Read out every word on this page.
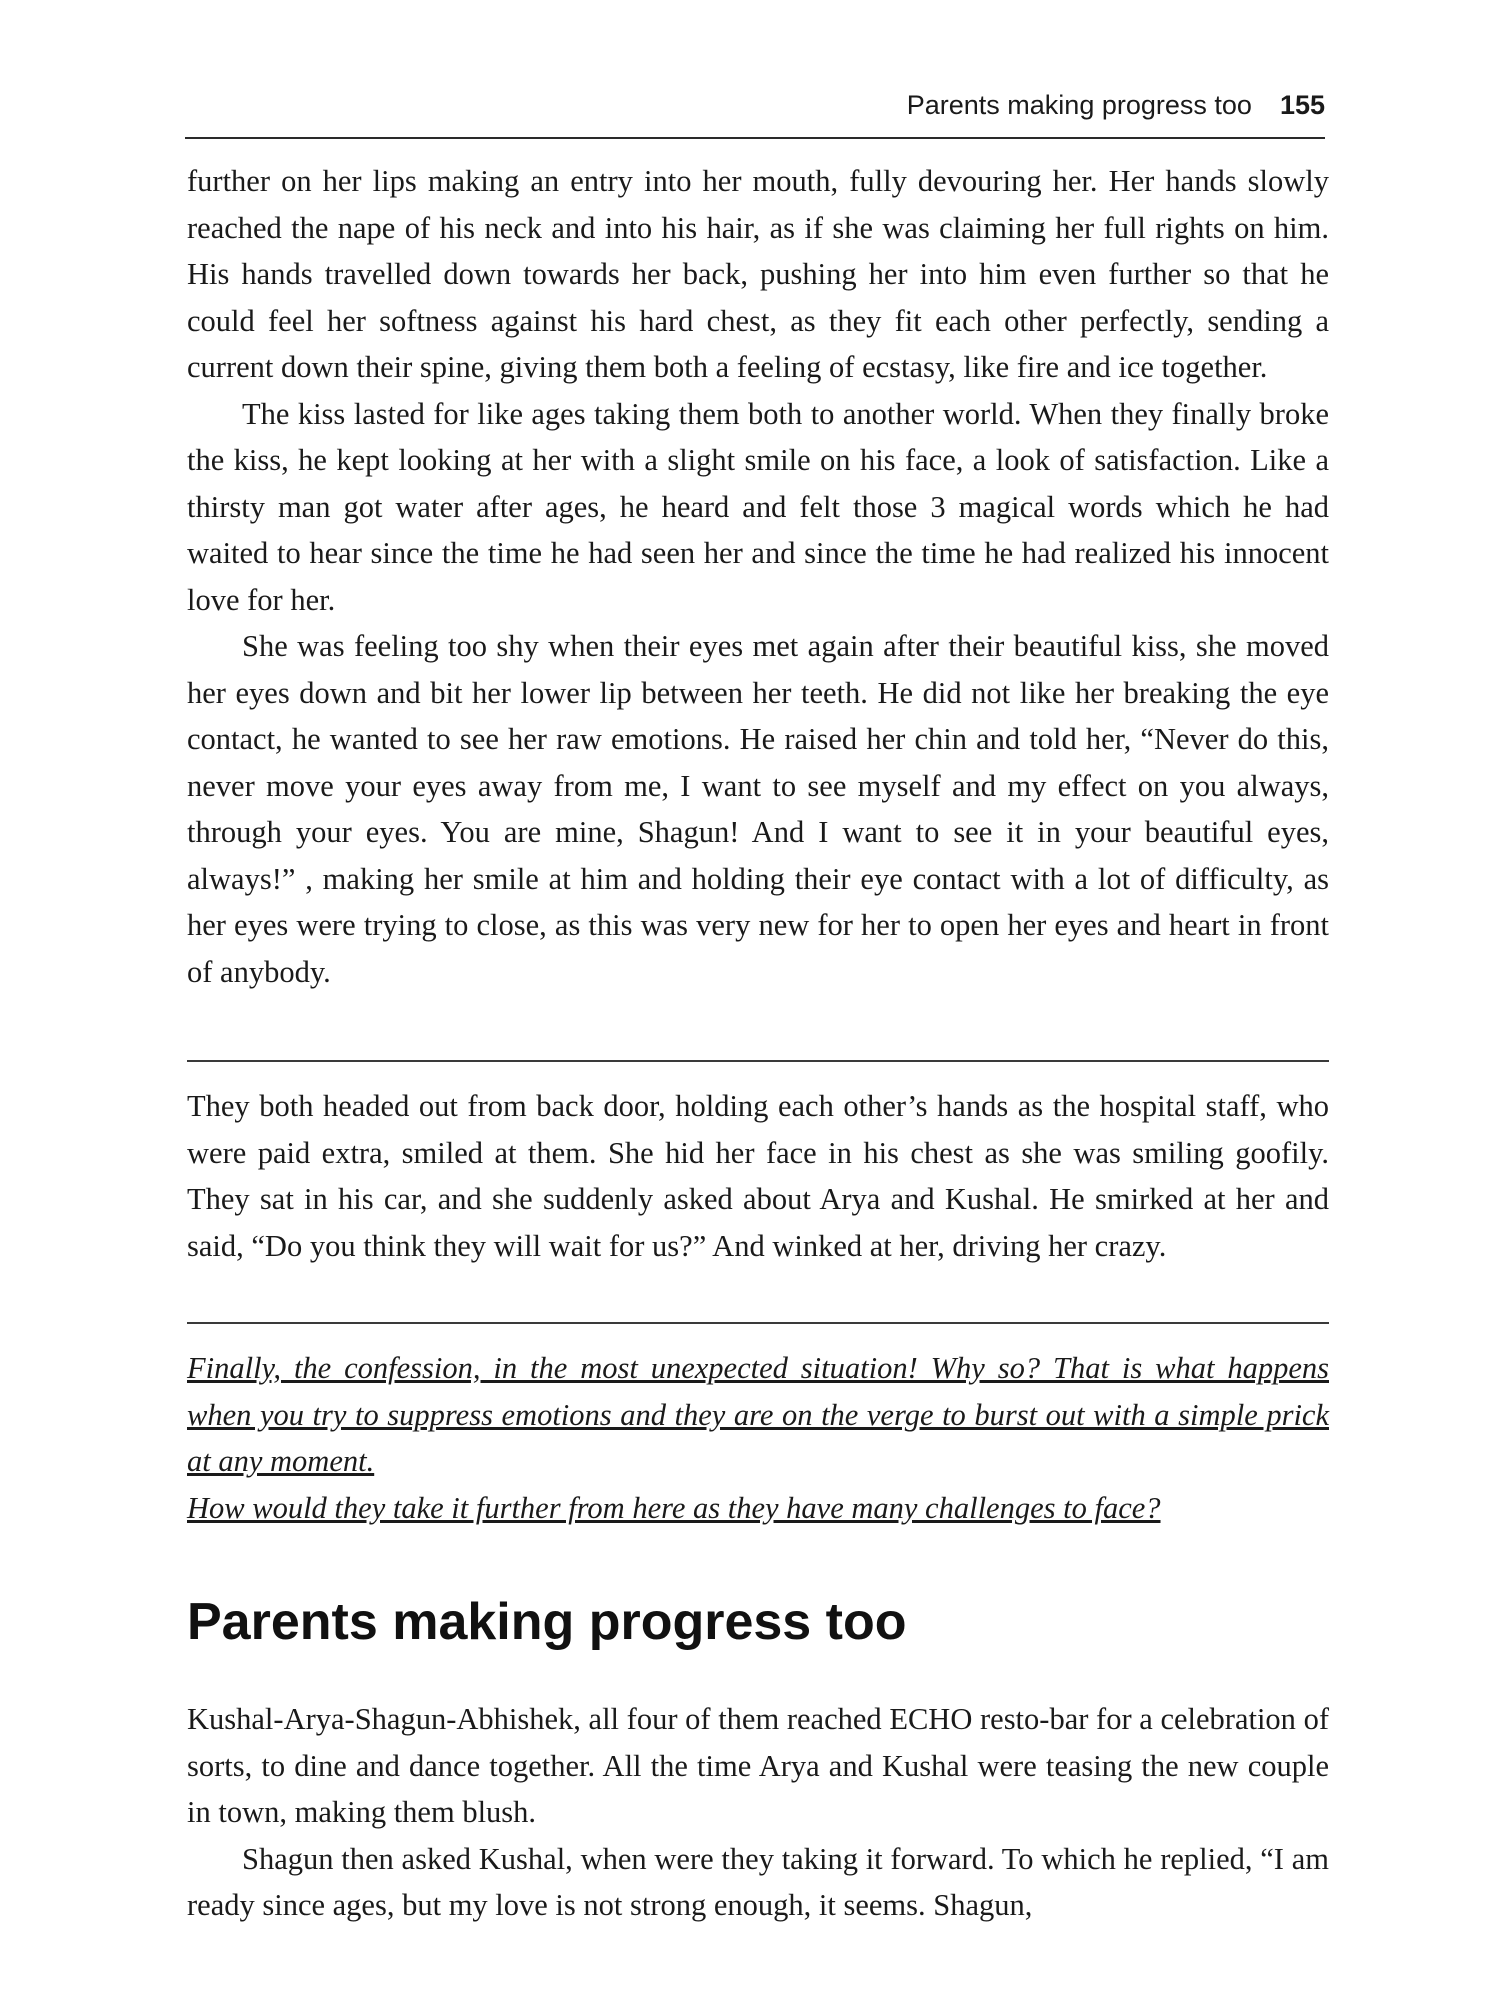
Parents making progress too 155

further on her lips making an entry into her mouth, fully devouring her. Her hands slowly reached the nape of his neck and into his hair, as if she was claiming her full rights on him. His hands travelled down towards her back, pushing her into him even further so that he could feel her softness against his hard chest, as they fit each other perfectly, sending a current down their spine, giving them both a feeling of ecstasy, like fire and ice together.

The kiss lasted for like ages taking them both to another world. When they finally broke the kiss, he kept looking at her with a slight smile on his face, a look of satisfaction. Like a thirsty man got water after ages, he heard and felt those 3 magical words which he had waited to hear since the time he had seen her and since the time he had realized his innocent love for her.

She was feeling too shy when their eyes met again after their beautiful kiss, she moved her eyes down and bit her lower lip between her teeth. He did not like her breaking the eye contact, he wanted to see her raw emotions. He raised her chin and told her, “Never do this, never move your eyes away from me, I want to see myself and my effect on you always, through your eyes. You are mine, Shagun! And I want to see it in your beautiful eyes, always!” , making her smile at him and holding their eye contact with a lot of difficulty, as her eyes were trying to close, as this was very new for her to open her eyes and heart in front of anybody.

They both headed out from back door, holding each other’s hands as the hospital staff, who were paid extra, smiled at them. She hid her face in his chest as she was smiling goofily. They sat in his car, and she suddenly asked about Arya and Kushal. He smirked at her and said, “Do you think they will wait for us?” And winked at her, driving her crazy.

Finally, the confession, in the most unexpected situation! Why so? That is what happens when you try to suppress emotions and they are on the verge to burst out with a simple prick at any moment.

How would they take it further from here as they have many challenges to face?

Parents making progress too

Kushal-Arya-Shagun-Abhishek, all four of them reached ECHO resto-bar for a celebration of sorts, to dine and dance together. All the time Arya and Kushal were teasing the new couple in town, making them blush.

Shagun then asked Kushal, when were they taking it forward. To which he replied, “I am ready since ages, but my love is not strong enough, it seems. Shagun,
